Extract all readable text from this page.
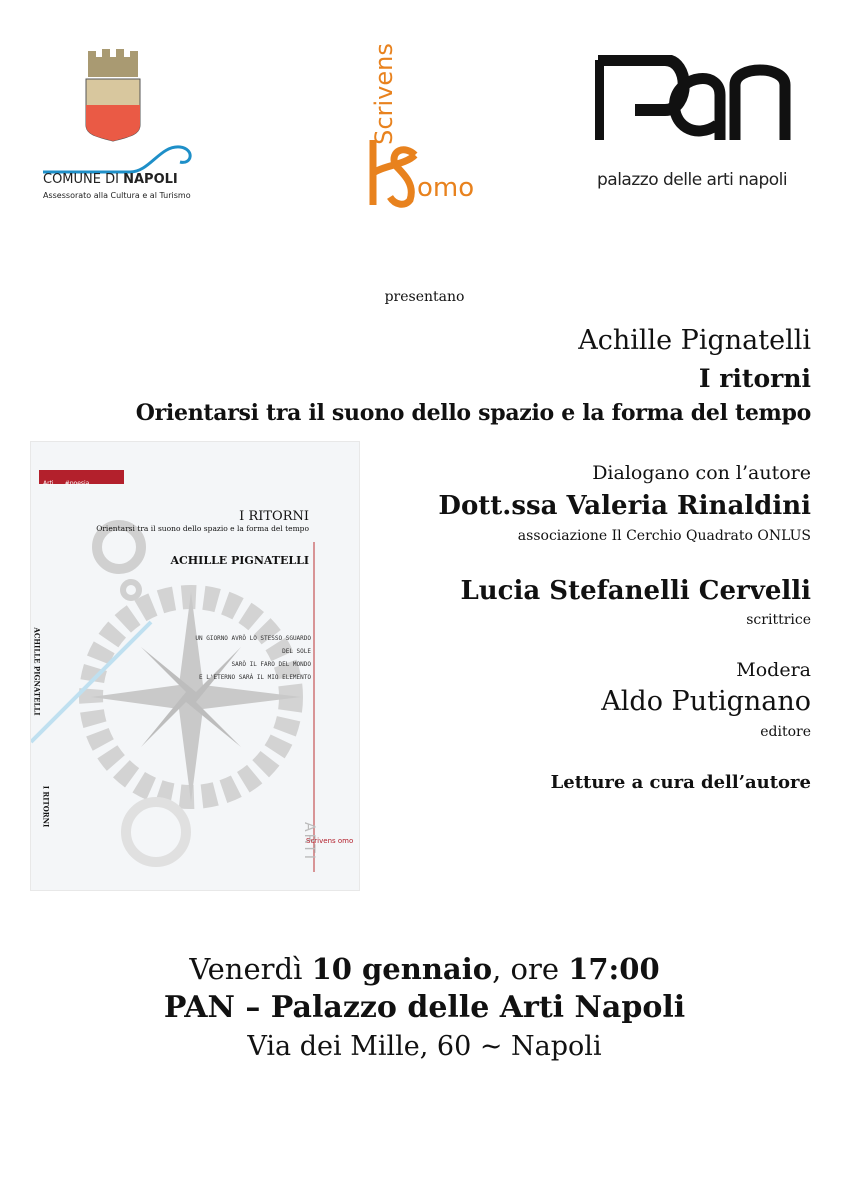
COMUNE DI NAPOLI
Assessorato alla Cultura e al Turismo
Scrivens
omo	palazzo delle arti napoli
presentano
Achille Pignatelli
I ritorni
Orientarsi tra il suono dello spazio e la forma del tempo
Arti #poesia
I RITORNI
Orientarsi tra il suono dello spazio e la forma del tempo
ACHILLE PIGNATELLI
UN GIORNO AVRÒ LO STESSO SGUARDO
DEL SOLE
SARÒ IL FARO DEL MONDO
E L'ETERNO SARÀ IL MIO ELEMENTO
ACHILLE PIGNATELLI
I RITORNI
ARTI
Scrivens omo
Dialogano con l’autore
Dott.ssa Valeria Rinaldini
associazione Il Cerchio Quadrato ONLUS
Lucia Stefanelli Cervelli
scrittrice
Modera
Aldo Putignano
editore
Letture a cura dell’autore
Venerdì 10 gennaio, ore 17:00
PAN – Palazzo delle Arti Napoli
Via dei Mille, 60 ~ Napoli
